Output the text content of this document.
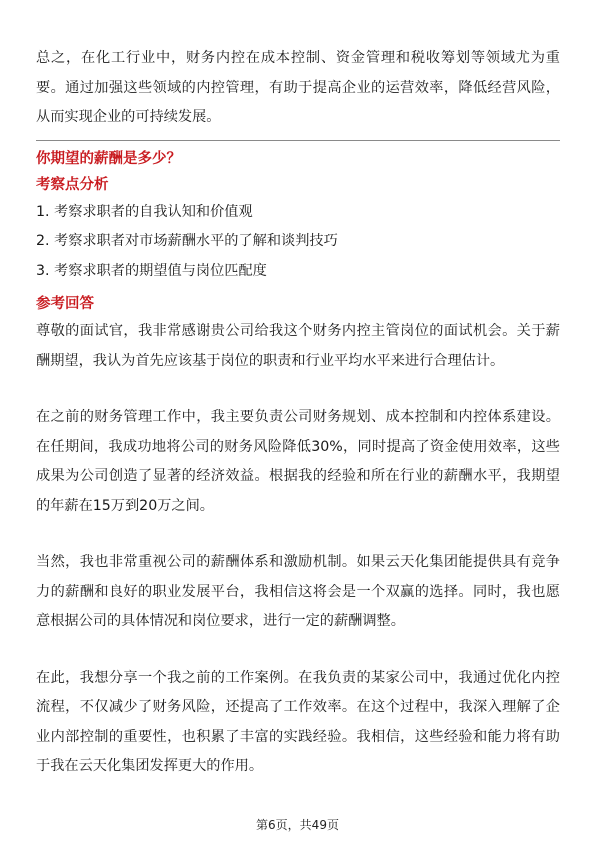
总之，在化工行业中，财务内控在成本控制、资金管理和税收筹划等领域尤为重要。通过加强这些领域的内控管理，有助于提高企业的运营效率，降低经营风险，从而实现企业的可持续发展。

你期望的薪酬是多少？
考察点分析
1. 考察求职者的自我认知和价值观
2. 考察求职者对市场薪酬水平的了解和谈判技巧
3. 考察求职者的期望值与岗位匹配度
参考回答

尊敬的面试官，我非常感谢贵公司给我这个财务内控主管岗位的面试机会。关于薪酬期望，我认为首先应该基于岗位的职责和行业平均水平来进行合理估计。

在之前的财务管理工作中，我主要负责公司财务规划、成本控制和内控体系建设。在任期间，我成功地将公司的财务风险降低30%，同时提高了资金使用效率，这些成果为公司创造了显著的经济效益。根据我的经验和所在行业的薪酬水平，我期望的年薪在15万到20万之间。

当然，我也非常重视公司的薪酬体系和激励机制。如果云天化集团能提供具有竞争力的薪酬和良好的职业发展平台，我相信这将会是一个双赢的选择。同时，我也愿意根据公司的具体情况和岗位要求，进行一定的薪酬调整。

在此，我想分享一个我之前的工作案例。在我负责的某家公司中，我通过优化内控流程，不仅减少了财务风险，还提高了工作效率。在这个过程中，我深入理解了企业内部控制的重要性，也积累了丰富的实践经验。我相信，这些经验和能力将有助于我在云天化集团发挥更大的作用。

第6页，共49页
